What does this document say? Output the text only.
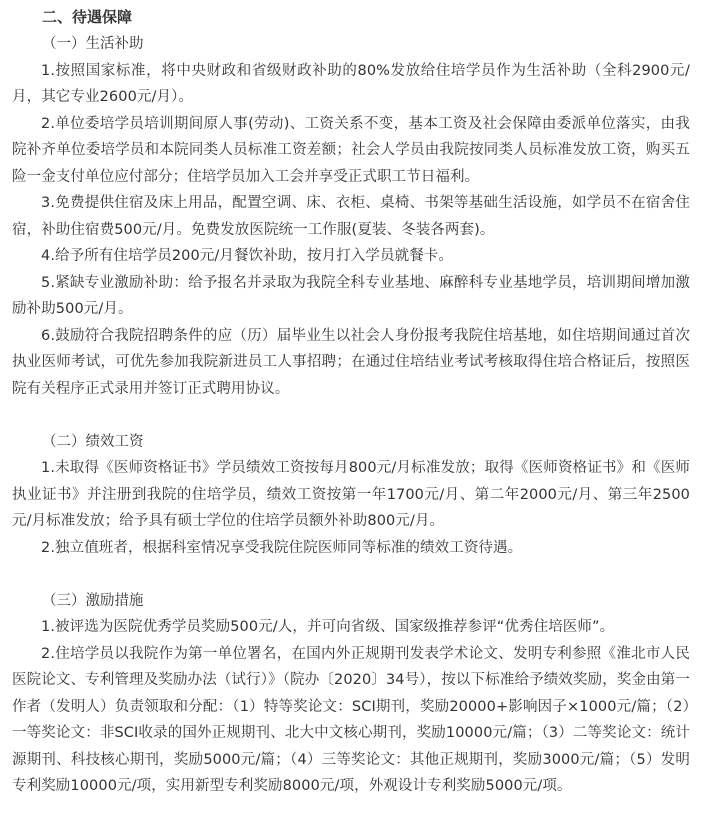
二、待遇保障

（一）生活补助

1.按照国家标准，将中央财政和省级财政补助的80%发放给住培学员作为生活补助（全科2900元/月，其它专业2600元/月）。

2.单位委培学员培训期间原人事(劳动)、工资关系不变，基本工资及社会保障由委派单位落实，由我院补齐单位委培学员和本院同类人员标准工资差额；社会人学员由我院按同类人员标准发放工资，购买五险一金支付单位应付部分；住培学员加入工会并享受正式职工节日福利。

3.免费提供住宿及床上用品，配置空调、床、衣柜、桌椅、书架等基础生活设施，如学员不在宿舍住宿，补助住宿费500元/月。免费发放医院统一工作服(夏装、冬装各两套)。

4.给予所有住培学员200元/月餐饮补助，按月打入学员就餐卡。

5.紧缺专业激励补助：给予报名并录取为我院全科专业基地、麻醉科专业基地学员，培训期间增加激励补助500元/月。

6.鼓励符合我院招聘条件的应（历）届毕业生以社会人身份报考我院住培基地，如住培期间通过首次执业医师考试，可优先参加我院新进员工人事招聘；在通过住培结业考试考核取得住培合格证后，按照医院有关程序正式录用并签订正式聘用协议。

（二）绩效工资

1.未取得《医师资格证书》学员绩效工资按每月800元/月标准发放；取得《医师资格证书》和《医师执业证书》并注册到我院的住培学员，绩效工资按第一年1700元/月、第二年2000元/月、第三年2500元/月标准发放；给予具有硕士学位的住培学员额外补助800元/月。

2.独立值班者，根据科室情况享受我院住院医师同等标准的绩效工资待遇。

（三）激励措施

1.被评选为医院优秀学员奖励500元/人，并可向省级、国家级推荐参评“优秀住培医师”。

2.住培学员以我院作为第一单位署名，在国内外正规期刊发表学术论文、发明专利参照《淮北市人民医院论文、专利管理及奖励办法（试行）》（院办〔2020〕34号），按以下标准给予绩效奖励，奖金由第一作者（发明人）负责领取和分配：（1）特等奖论文：SCI期刊，奖励20000+影响因子×1000元/篇；（2）一等奖论文：非SCI收录的国外正规期刊、北大中文核心期刊，奖励10000元/篇；（3）二等奖论文：统计源期刊、科技核心期刊，奖励5000元/篇；（4）三等奖论文：其他正规期刊，奖励3000元/篇；（5）发明专利奖励10000元/项，实用新型专利奖励8000元/项，外观设计专利奖励5000元/项。
